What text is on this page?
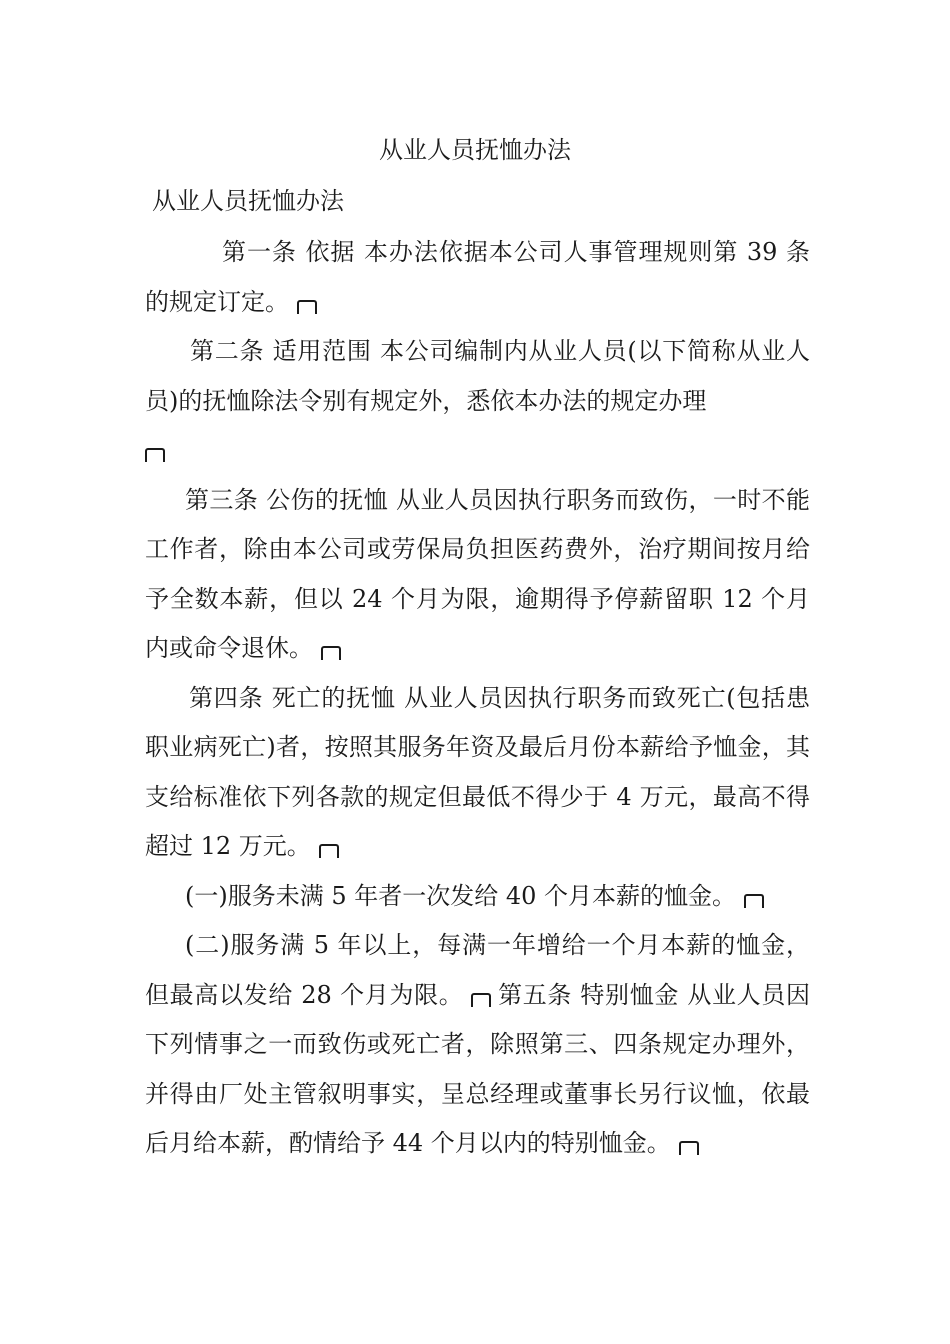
从业人员抚恤办法
从业人员抚恤办法

第一条 依据 本办法依据本公司人事管理规则第 39 条的规定订定。

第二条 适用范围 本公司编制内从业人员(以下简称从业人员)的抚恤除法令别有规定外，悉依本办法的规定办理

第三条 公伤的抚恤 从业人员因执行职务而致伤，一时不能工作者，除由本公司或劳保局负担医药费外，治疗期间按月给予全数本薪，但以 24 个月为限，逾期得予停薪留职 12 个月内或命令退休。

第四条 死亡的抚恤 从业人员因执行职务而致死亡(包括患职业病死亡)者，按照其服务年资及最后月份本薪给予恤金，其支给标准依下列各款的规定但最低不得少于 4 万元，最高不得超过 12 万元。

(一)服务未满 5 年者一次发给 40 个月本薪的恤金。

(二)服务满 5 年以上，每满一年增给一个月本薪的恤金，但最高以发给 28 个月为限。 第五条 特别恤金 从业人员因下列情事之一而致伤或死亡者，除照第三、四条规定办理外，并得由厂处主管叙明事实，呈总经理或董事长另行议恤，依最后月给本薪，酌情给予 44 个月以内的特别恤金。
